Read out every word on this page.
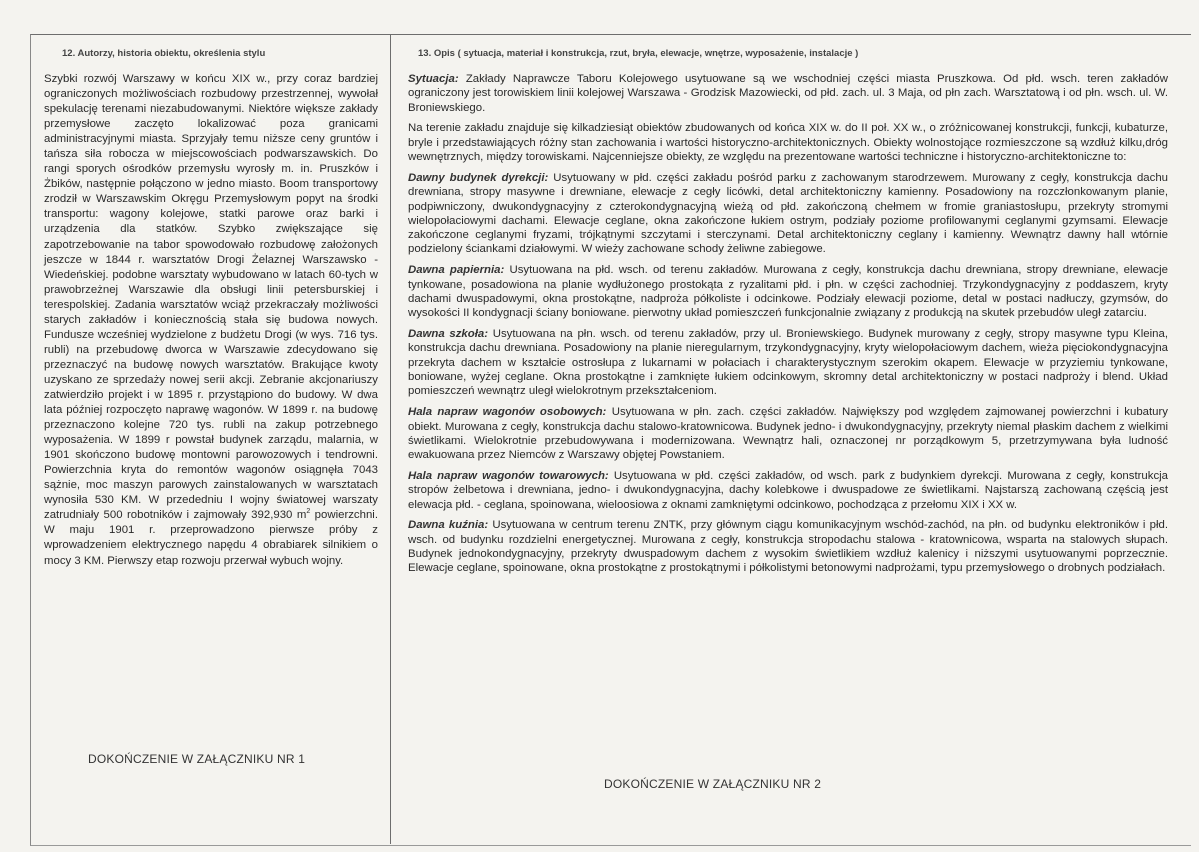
12. Autorzy, historia obiektu, określenia stylu	13. Opis ( sytuacja, materiał i konstrukcja, rzut, bryła, elewacje, wnętrze, wyposażenie, instalacje )
Szybki rozwój Warszawy w końcu XIX w., przy coraz bardziej ograniczonych możliwościach rozbudowy przestrzennej, wywołał spekulację terenami niezabudowanymi. Niektóre większe zakłady przemysłowe zaczęto lokalizować poza granicami administracyjnymi miasta. Sprzyjały temu niższe ceny gruntów i tańsza siła robocza w miejscowościach podwarszawskich. Do rangi sporych ośrodków przemysłu wyrosły m. in. Pruszków i Żbików, następnie połączono w jedno miasto. Boom transportowy zrodził w Warszawskim Okręgu Przemysłowym popyt na środki transportu: wagony kolejowe, statki parowe oraz barki i urządzenia dla statków. Szybko zwiększające się zapotrzebowanie na tabor spowodowało rozbudowę założonych jeszcze w 1844 r. warsztatów Drogi Żelaznej Warszawsko - Wiedeńskiej. podobne warsztaty wybudowano w latach 60-tych w prawobrzeżnej Warszawie dla obsługi linii petersburskiej i terespolskiej. Zadania warsztatów wciąż przekraczały możliwości starych zakładów i koniecznością stała się budowa nowych. Fundusze wcześniej wydzielone z budżetu Drogi (w wys. 716 tys. rubli) na przebudowę dworca w Warszawie zdecydowano się przeznaczyć na budowę nowych warsztatów. Brakujące kwoty uzyskano ze sprzedaży nowej serii akcji. Zebranie akcjonariuszy zatwierdziło projekt i w 1895 r. przystąpiono do budowy. W dwa lata później rozpoczęto naprawę wagonów. W 1899 r. na budowę przeznaczono kolejne 720 tys. rubli na zakup potrzebnego wyposażenia. W 1899 r powstał budynek zarządu, malarnia, w 1901 skończono budowę montowni parowozowych i tendrowni. Powierzchnia kryta do remontów wagonów osiągnęła 7043 sążnie, moc maszyn parowych zainstalowanych w warsztatach wynosiła 530 KM. W przededniu I wojny światowej warszaty zatrudniały 500 robotników i zajmowały 392,930 $m^2$ powierzchni. W maju 1901 r. przeprowadzono pierwsze próby z wprowadzeniem elektrycznego napędu 4 obrabiarek silnikiem o mocy 3 KM. Pierwszy etap rozwoju przerwał wybuch wojny.
DOKOŃCZENIE W ZAŁĄCZNIKU NR 1

Sytuacja: Zakłady Naprawcze Taboru Kolejowego usytuowane są we wschodniej części miasta Pruszkowa. Od płd. wsch. teren zakładów ograniczony jest torowiskiem linii kolejowej Warszawa - Grodzisk Mazowiecki, od płd. zach. ul. 3 Maja, od płn zach. Warsztatową i od płn. wsch. ul. W. Broniewskiego.

Na terenie zakładu znajduje się kilkadziesiąt obiektów zbudowanych od końca XIX w. do II poł. XX w., o zróżnicowanej konstrukcji, funkcji, kubaturze, bryle i przedstawiających różny stan zachowania i wartości historyczno-architektonicznych. Obiekty wolnostojące rozmieszczone są wzdłuż kilku,dróg wewnętrznych, między torowiskami. Najcenniejsze obiekty, ze względu na prezentowane wartości techniczne i historyczno-architektoniczne to:

Dawny budynek dyrekcji: Usytuowany w płd. części zakładu pośród parku z zachowanym starodrzewem. Murowany z cegły, konstrukcja dachu drewniana, stropy masywne i drewniane, elewacje z cegły licówki, detal architektoniczny kamienny. Posadowiony na rozczłonkowanym planie, podpiwniczony, dwukondygnacyjny z czterokondygnacyjną wieżą od płd. zakończoną chełmem w fromie graniastosłupu, przekryty stromymi wielopołaciowymi dachami. Elewacje ceglane, okna zakończone łukiem ostrym, podziały poziome profilowanymi ceglanymi gzymsami. Elewacje zakończone ceglanymi fryzami, trójkątnymi szczytami i sterczynami. Detal architektoniczny ceglany i kamienny. Wewnątrz dawny hall wtórnie podzielony ściankami działowymi. W wieży zachowane schody żeliwne zabiegowe.

Dawna papiernia: Usytuowana na płd. wsch. od terenu zakładów. Murowana z cegły, konstrukcja dachu drewniana, stropy drewniane, elewacje tynkowane, posadowiona na planie wydłużonego prostokąta z ryzalitami płd. i płn. w części zachodniej. Trzykondygnacyjny z poddaszem, kryty dachami dwuspadowymi, okna prostokątne, nadproża półkoliste i odcinkowe. Podziały elewacji poziome, detal w postaci nadłuczy, gzymsów, do wysokości II kondygnacji ściany boniowane. pierwotny układ pomieszczeń funkcjonalnie związany z produkcją na skutek przebudów uległ zatarciu.

Dawna szkoła: Usytuowana na płn. wsch. od terenu zakładów, przy ul. Broniewskiego. Budynek murowany z cegły, stropy masywne typu Kleina, konstrukcja dachu drewniana. Posadowiony na planie nieregularnym, trzykondygnacyjny, kryty wielopołaciowym dachem, wieża pięciokondygnacyjna przekryta dachem w kształcie ostrosłupa z lukarnami w połaciach i charakterystycznym szerokim okapem. Elewacje w przyziemiu tynkowane, boniowane, wyżej ceglane. Okna prostokątne i zamknięte łukiem odcinkowym, skromny detal architektoniczny w postaci nadproży i blend. Układ pomieszczeń wewnątrz uległ wielokrotnym przekształceniom.

Hala napraw wagonów osobowych: Usytuowana w płn. zach. części zakładów. Największy pod względem zajmowanej powierzchni i kubatury obiekt. Murowana z cegły, konstrukcja dachu stalowo-kratownicowa. Budynek jedno- i dwukondygnacyjny, przekryty niemal płaskim dachem z wielkimi świetlikami. Wielokrotnie przebudowywana i modernizowana. Wewnątrz hali, oznaczonej nr porządkowym 5, przetrzymywana była ludność ewakuowana przez Niemców z Warszawy objętej Powstaniem.

Hala napraw wagonów towarowych: Usytuowana w płd. części zakładów, od wsch. park z budynkiem dyrekcji. Murowana z cegły, konstrukcja stropów żelbetowa i drewniana, jedno- i dwukondygnacyjna, dachy kolebkowe i dwuspadowe ze świetlikami. Najstarszą zachowaną częścią jest elewacja płd. - ceglana, spoinowana, wieloosiowa z oknami zamkniętymi odcinkowo, pochodząca z przełomu XIX i XX w.

Dawna kuźnia: Usytuowana w centrum terenu ZNTK, przy głównym ciągu komunikacyjnym wschód-zachód, na płn. od budynku elektroników i płd. wsch. od budynku rozdzielni energetycznej. Murowana z cegły, konstrukcja stropodachu stalowa - kratownicowa, wsparta na stalowych słupach. Budynek jednokondygnacyjny, przekryty dwuspadowym dachem z wysokim świetlikiem wzdłuż kalenicy i niższymi usytuowanymi poprzecznie. Elewacje ceglane, spoinowane, okna prostokątne z prostokątnymi i półkolistymi betonowymi nadprożami, typu przemysłowego o drobnych podziałach.

DOKOŃCZENIE W ZAŁĄCZNIKU NR 2
